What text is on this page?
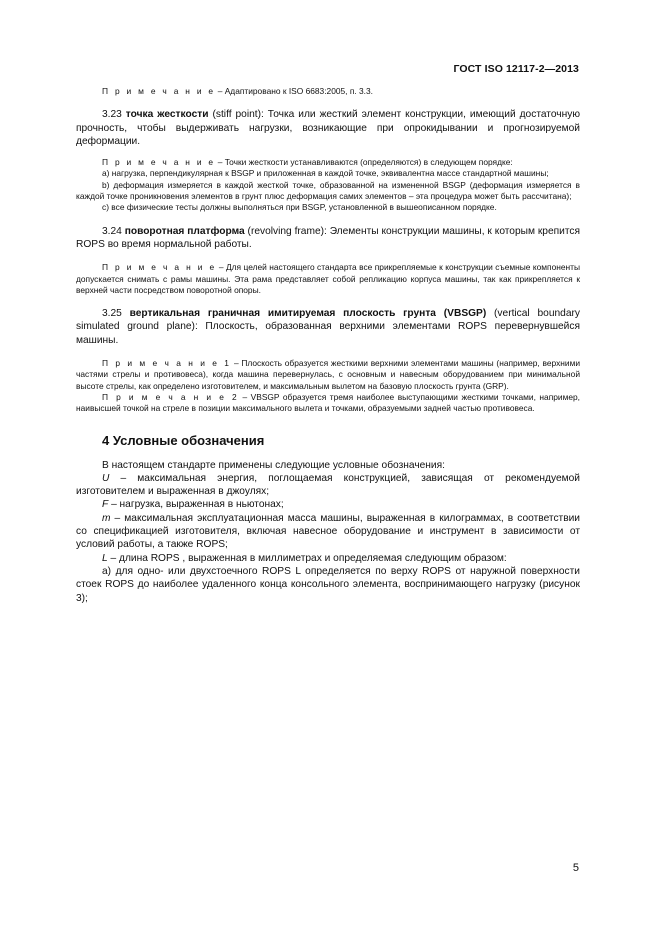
ГОСТ ISO 12117-2—2013

П р и м е ч а н и е – Адаптировано к ISO 6683:2005, п. 3.3.

3.23 точка жесткости (stiff point): Точка или жесткий элемент конструкции, имеющий достаточную прочность, чтобы выдерживать нагрузки, возникающие при опрокидывании и прогнозируемой деформации.

П р и м е ч а н и е – Точки жесткости устанавливаются (определяются) в следующем порядке:

a) нагрузка, перпендикулярная к BSGP и приложенная в каждой точке, эквивалентна массе стандартной машины;

b) деформация измеряется в каждой жесткой точке, образованной на измененной BSGP (деформация измеряется в каждой точке проникновения элементов в грунт плюс деформация самих элементов – эта процедура может быть рассчитана);

c) все физические тесты должны выполняться при BSGP, установленной в вышеописанном порядке.

3.24 поворотная платформа (revolving frame): Элементы конструкции машины, к которым крепится ROPS во время нормальной работы.

П р и м е ч а н и е – Для целей настоящего стандарта все прикрепляемые к конструкции съемные компоненты допускается снимать с рамы машины. Эта рама представляет собой репликацию корпуса машины, так как прикрепляется к верхней части посредством поворотной опоры.

3.25 вертикальная граничная имитируемая плоскость грунта (VBSGP) (vertical boundary simulated ground plane): Плоскость, образованная верхними элементами ROPS перевернувшейся машины.

П р и м е ч а н и е 1 – Плоскость образуется жесткими верхними элементами машины (например, верхними частями стрелы и противовеса), когда машина перевернулась, с основным и навесным оборудованием при минимальной высоте стрелы, как определено изготовителем, и максимальным вылетом на базовую плоскость грунта (GRP).

П р и м е ч а н и е 2 – VBSGP образуется тремя наиболее выступающими жесткими точками, например, наивысшей точкой на стреле в позиции максимального вылета и точками, образуемыми задней частью противовеса.

4 Условные обозначения

В настоящем стандарте применены следующие условные обозначения:

U – максимальная энергия, поглощаемая конструкцией, зависящая от рекомендуемой изготовителем и выраженная в джоулях;

F – нагрузка, выраженная в ньютонах;

m – максимальная эксплуатационная масса машины, выраженная в килограммах, в соответствии со спецификацией изготовителя, включая навесное оборудование и инструмент в зависимости от условий работы, а также ROPS;

L – длина ROPS , выраженная в миллиметрах и определяемая следующим образом:

а) для одно- или двухстоечного ROPS L определяется по верху ROPS от наружной поверхности стоек ROPS до наиболее удаленного конца консольного элемента, воспринимающего нагрузку (рисунок 3);

5
